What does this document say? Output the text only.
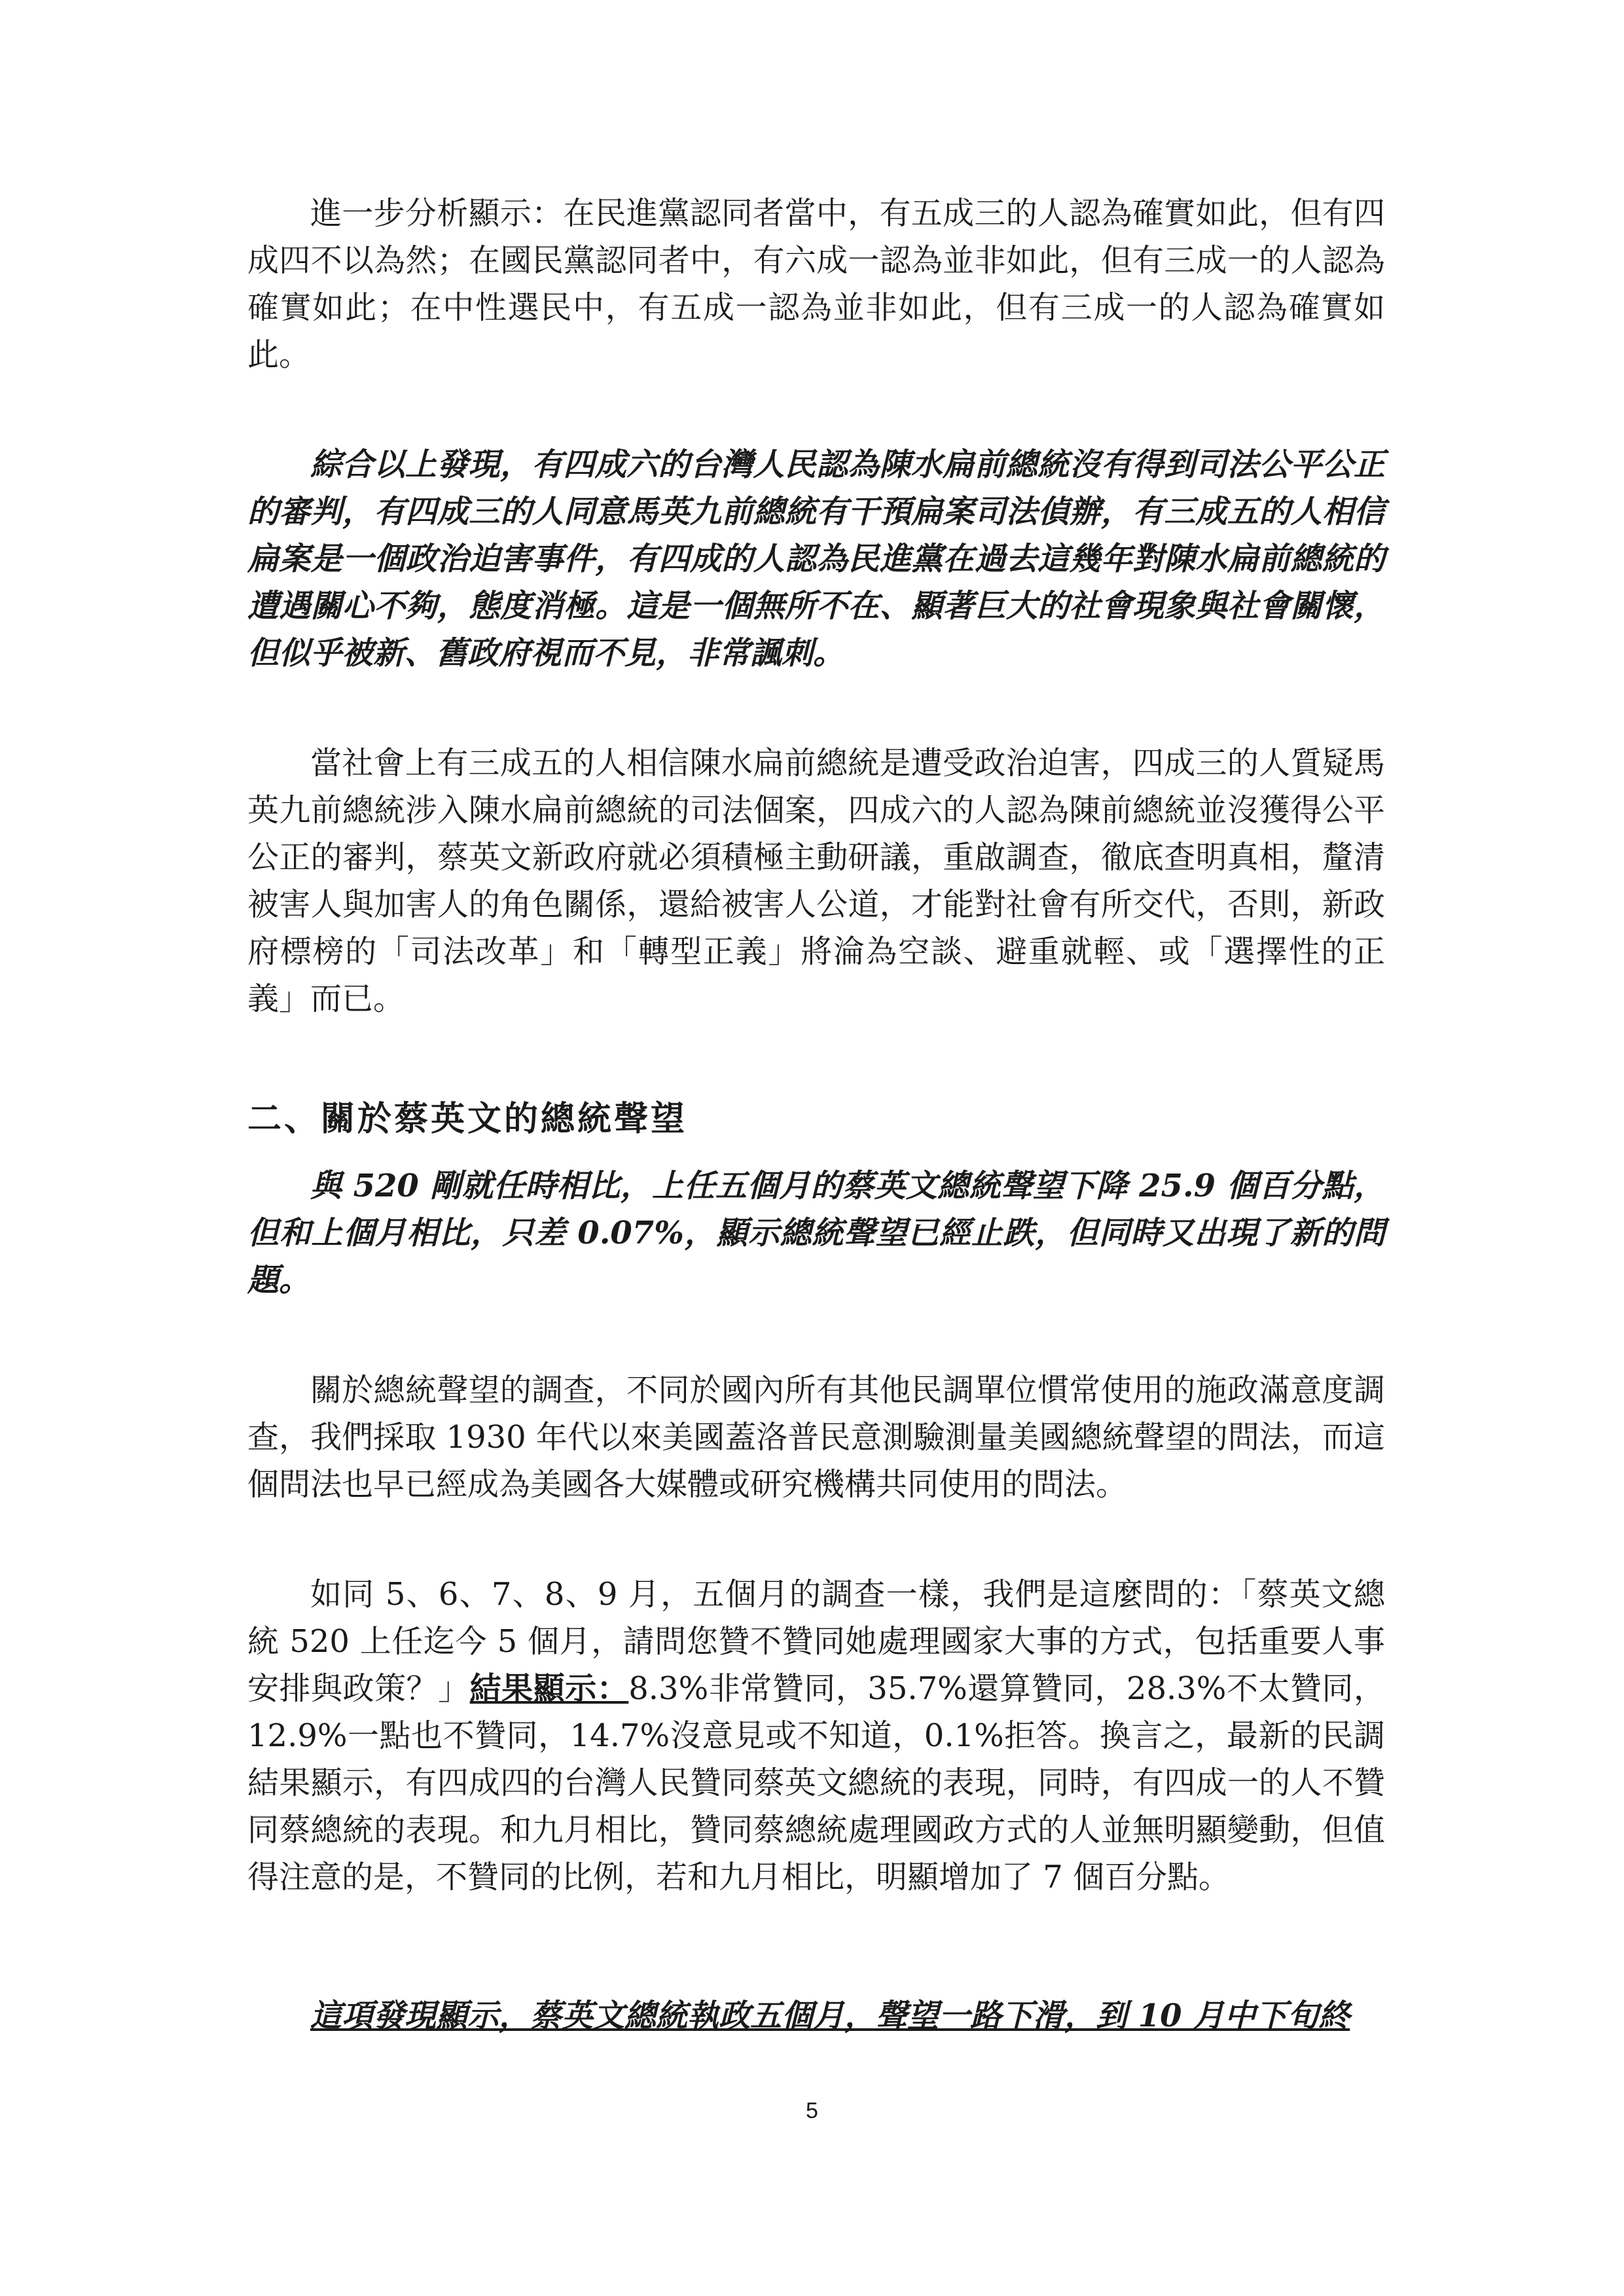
進一步分析顯示：在民進黨認同者當中，有五成三的人認為確實如此，但有四成四不以為然；在國民黨認同者中，有六成一認為並非如此，但有三成一的人認為確實如此；在中性選民中，有五成一認為並非如此，但有三成一的人認為確實如此。

綜合以上發現，有四成六的台灣人民認為陳水扁前總統沒有得到司法公平公正的審判，有四成三的人同意馬英九前總統有干預扁案司法偵辦，有三成五的人相信扁案是一個政治迫害事件，有四成的人認為民進黨在過去這幾年對陳水扁前總統的遭遇關心不夠，態度消極。這是一個無所不在、顯著巨大的社會現象與社會關懷，但似乎被新、舊政府視而不見，非常諷刺。

當社會上有三成五的人相信陳水扁前總統是遭受政治迫害，四成三的人質疑馬英九前總統涉入陳水扁前總統的司法個案，四成六的人認為陳前總統並沒獲得公平公正的審判，蔡英文新政府就必須積極主動研議，重啟調查，徹底查明真相，釐清被害人與加害人的角色關係，還給被害人公道，才能對社會有所交代，否則，新政府標榜的「司法改革」和「轉型正義」將淪為空談、避重就輕、或「選擇性的正義」而已。

二、關於蔡英文的總統聲望

與 520 剛就任時相比，上任五個月的蔡英文總統聲望下降 25.9 個百分點，但和上個月相比，只差 0.07%，顯示總統聲望已經止跌，但同時又出現了新的問題。

關於總統聲望的調查，不同於國內所有其他民調單位慣常使用的施政滿意度調查，我們採取 1930 年代以來美國蓋洛普民意測驗測量美國總統聲望的問法，而這個問法也早已經成為美國各大媒體或研究機構共同使用的問法。

如同 5、6、7、8、9 月，五個月的調查一樣，我們是這麼問的：「蔡英文總統 520 上任迄今 5 個月，請問您贊不贊同她處理國家大事的方式，包括重要人事安排與政策？」結果顯示：8.3%非常贊同，35.7%還算贊同，28.3%不太贊同，12.9%一點也不贊同，14.7%沒意見或不知道，0.1%拒答。換言之，最新的民調結果顯示，有四成四的台灣人民贊同蔡英文總統的表現，同時，有四成一的人不贊同蔡總統的表現。和九月相比，贊同蔡總統處理國政方式的人並無明顯變動，但值得注意的是，不贊同的比例，若和九月相比，明顯增加了 7 個百分點。

這項發現顯示，蔡英文總統執政五個月，聲望一路下滑，到 10 月中下旬終

5
